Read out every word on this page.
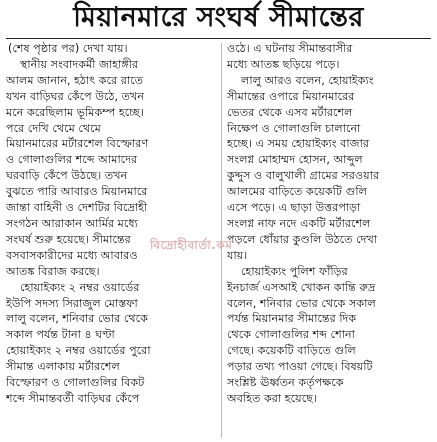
মিয়ানমারে সংঘর্ষ সীমান্তের
(শেষ পৃষ্ঠার পর) দেখা যায়।
স্থানীয় সংবাদকর্মী জাহাঙ্গীর
আলম জানান, হঠাৎ করে রাতে
যখন বাড়িঘর কেঁপে উঠে, তখন
মনে করেছিলাম ভূমিকম্প হচ্ছে।
পরে দেখি থেমে থেমে
মিয়ানমারের মর্টারশেল বিস্ফোরণ
ও গোলাগুলির শব্দে আমাদের
ঘরবাড়ি কেঁপে উঠছে। তখন
বুঝতে পারি আবারও মিয়ানমারে
জান্তা বাহিনী ও দেশটির বিদ্রোহী
সংগঠন আরাকান আর্মির মধ্যে
সংঘর্ষ শুরু হয়েছে। সীমান্তের
বসবাসকারীদের মধ্যে আবারও
আতঙ্ক বিরাজ করছে।
হোয়াইক্যং ২ নম্বর ওয়ার্ডের
ইউপি সদস্য সিরাজুল মোস্তফা
লালু বলেন, শনিবার ভোর থেকে
সকাল পর্যন্ত টানা ৪ ঘণ্টা
হোয়াইক্যং ২ নম্বর ওয়ার্ডের পুরো
সীমান্ত এলাকায় মর্টারশেল
বিস্ফোরণ ও গোলাগুলির বিকট
শব্দে সীমান্তবর্তী বাড়িঘর কেঁপে
ওঠে। এ ঘটনায় সীমান্তবাসীর
মধ্যে আতঙ্ক ছড়িয়ে পড়ে।
লালু আরও বলেন, হোয়াইক্যং
সীমান্তের ওপারে মিয়ানমারের
ভেতর থেকে এসব মর্টারশেল
নিক্ষেপ ও গোলাগুলি চালানো
হচ্ছে। এ সময় হোয়াইক্যং বাজার
সংলগ্ন মোহাম্মদ হোসন, আব্দুল
কুদ্দুস ও বালুখালী গ্রামের সরওয়ার
আলমের বাড়িতে কয়েকটি গুলি
এসে পড়ে। এ ছাড়া উত্তরপাড়া
সংলগ্ন নাফ নদে একটি মর্টারশেল
পড়লে ধোঁয়ার কুণ্ডলি উঠতে দেখা
যায়।
হোয়াইক্যং পুলিশ ফাঁড়ির
ইনচার্জ এসআই খোকন কান্তি রুদ্র
বলেন, শনিবার ভোর থেকে সকাল
পর্যন্ত মিয়ানমার সীমান্তের দিক
থেকে গোলাগুলির শব্দ শোনা
গেছে। কয়েকটি বাড়িতে গুলি
পড়ার তথ্য পাওয়া গেছে। বিষয়টি
সংশ্লিষ্ট ঊর্ধ্বতন কর্তৃপক্ষকে
অবহিত করা হয়েছে।
বিদ্রোহীবার্তা.কম
